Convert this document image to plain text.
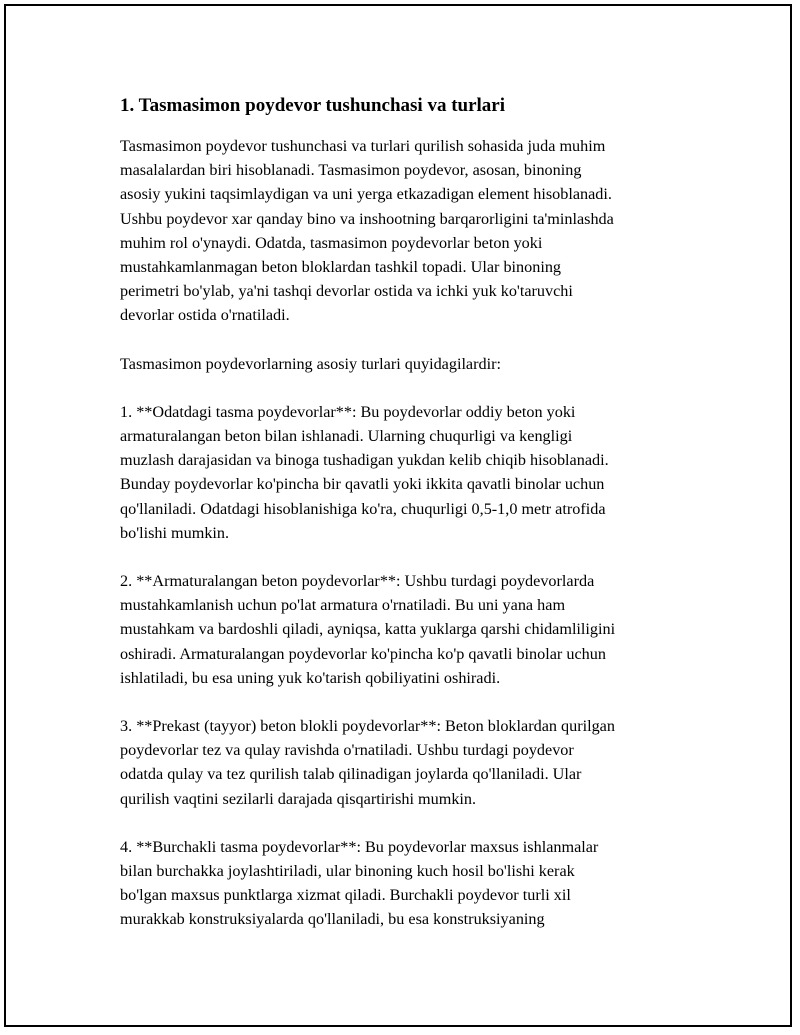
1. Tasmasimon poydevor tushunchasi va turlari
Tasmasimon poydevor tushunchasi va turlari qurilish sohasida juda muhim
masalalardan biri hisoblanadi. Tasmasimon poydevor, asosan, binoning
asosiy yukini taqsimlaydigan va uni yerga etkazadigan element hisoblanadi.
Ushbu poydevor xar qanday bino va inshootning barqarorligini ta'minlashda
muhim rol o'ynaydi. Odatda, tasmasimon poydevorlar beton yoki
mustahkamlanmagan beton bloklardan tashkil topadi. Ular binoning
perimetri bo'ylab, ya'ni tashqi devorlar ostida va ichki yuk ko'taruvchi
devorlar ostida o'rnatiladi.
Tasmasimon poydevorlarning asosiy turlari quyidagilardir:
1. **Odatdagi tasma poydevorlar**: Bu poydevorlar oddiy beton yoki
armaturalangan beton bilan ishlanadi. Ularning chuqurligi va kengligi
muzlash darajasidan va binoga tushadigan yukdan kelib chiqib hisoblanadi.
Bunday poydevorlar ko'pincha bir qavatli yoki ikkita qavatli binolar uchun
qo'llaniladi. Odatdagi hisoblanishiga ko'ra, chuqurligi 0,5-1,0 metr atrofida
bo'lishi mumkin.
2. **Armaturalangan beton poydevorlar**: Ushbu turdagi poydevorlarda
mustahkamlanish uchun po'lat armatura o'rnatiladi. Bu uni yana ham
mustahkam va bardoshli qiladi, ayniqsa, katta yuklarga qarshi chidamliligini
oshiradi. Armaturalangan poydevorlar ko'pincha ko'p qavatli binolar uchun
ishlatiladi, bu esa uning yuk ko'tarish qobiliyatini oshiradi.
3. **Prekast (tayyor) beton blokli poydevorlar**: Beton bloklardan qurilgan
poydevorlar tez va qulay ravishda o'rnatiladi. Ushbu turdagi poydevor
odatda qulay va tez qurilish talab qilinadigan joylarda qo'llaniladi. Ular
qurilish vaqtini sezilarli darajada qisqartirishi mumkin.
4. **Burchakli tasma poydevorlar**: Bu poydevorlar maxsus ishlanmalar
bilan burchakka joylashtiriladi, ular binoning kuch hosil bo'lishi kerak
bo'lgan maxsus punktlarga xizmat qiladi. Burchakli poydevor turli xil
murakkab konstruksiyalarda qo'llaniladi, bu esa konstruksiyaning
